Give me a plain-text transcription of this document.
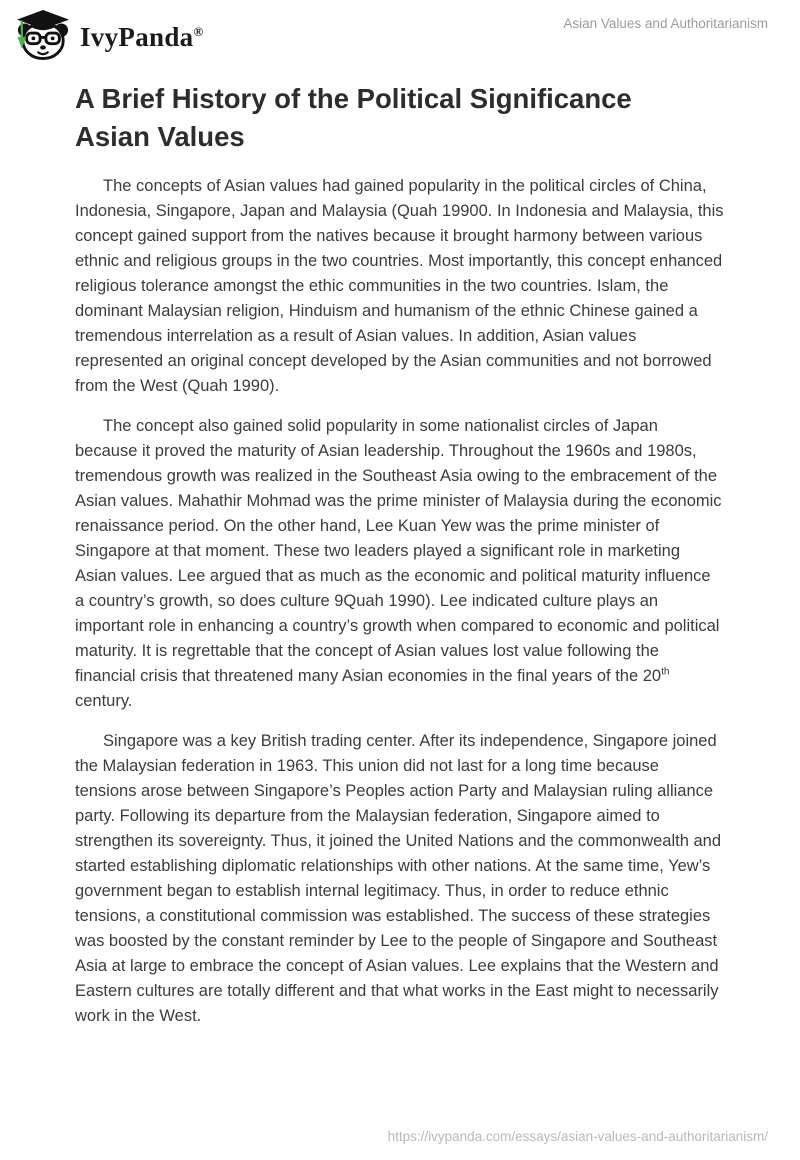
IvyPanda®
Asian Values and Authoritarianism
A Brief History of the Political Significance
Asian Values

The concepts of Asian values had gained popularity in the political circles of China, Indonesia, Singapore, Japan and Malaysia (Quah 19900. In Indonesia and Malaysia, this concept gained support from the natives because it brought harmony between various ethnic and religious groups in the two countries. Most importantly, this concept enhanced religious tolerance amongst the ethic communities in the two countries. Islam, the dominant Malaysian religion, Hinduism and humanism of the ethnic Chinese gained a tremendous interrelation as a result of Asian values. In addition, Asian values represented an original concept developed by the Asian communities and not borrowed from the West (Quah 1990).

The concept also gained solid popularity in some nationalist circles of Japan because it proved the maturity of Asian leadership. Throughout the 1960s and 1980s, tremendous growth was realized in the Southeast Asia owing to the embracement of the Asian values. Mahathir Mohmad was the prime minister of Malaysia during the economic renaissance period. On the other hand, Lee Kuan Yew was the prime minister of Singapore at that moment. These two leaders played a significant role in marketing Asian values. Lee argued that as much as the economic and political maturity influence a country’s growth, so does culture 9Quah 1990). Lee indicated culture plays an important role in enhancing a country’s growth when compared to economic and political maturity. It is regrettable that the concept of Asian values lost value following the financial crisis that threatened many Asian economies in the final years of the 20th century.

Singapore was a key British trading center. After its independence, Singapore joined the Malaysian federation in 1963. This union did not last for a long time because tensions arose between Singapore’s Peoples action Party and Malaysian ruling alliance party. Following its departure from the Malaysian federation, Singapore aimed to strengthen its sovereignty. Thus, it joined the United Nations and the commonwealth and started establishing diplomatic relationships with other nations. At the same time, Yew’s government began to establish internal legitimacy. Thus, in order to reduce ethnic tensions, a constitutional commission was established. The success of these strategies was boosted by the constant reminder by Lee to the people of Singapore and Southeast Asia at large to embrace the concept of Asian values. Lee explains that the Western and Eastern cultures are totally different and that what works in the East might to necessarily work in the West.

https://ivypanda.com/essays/asian-values-and-authoritarianism/
